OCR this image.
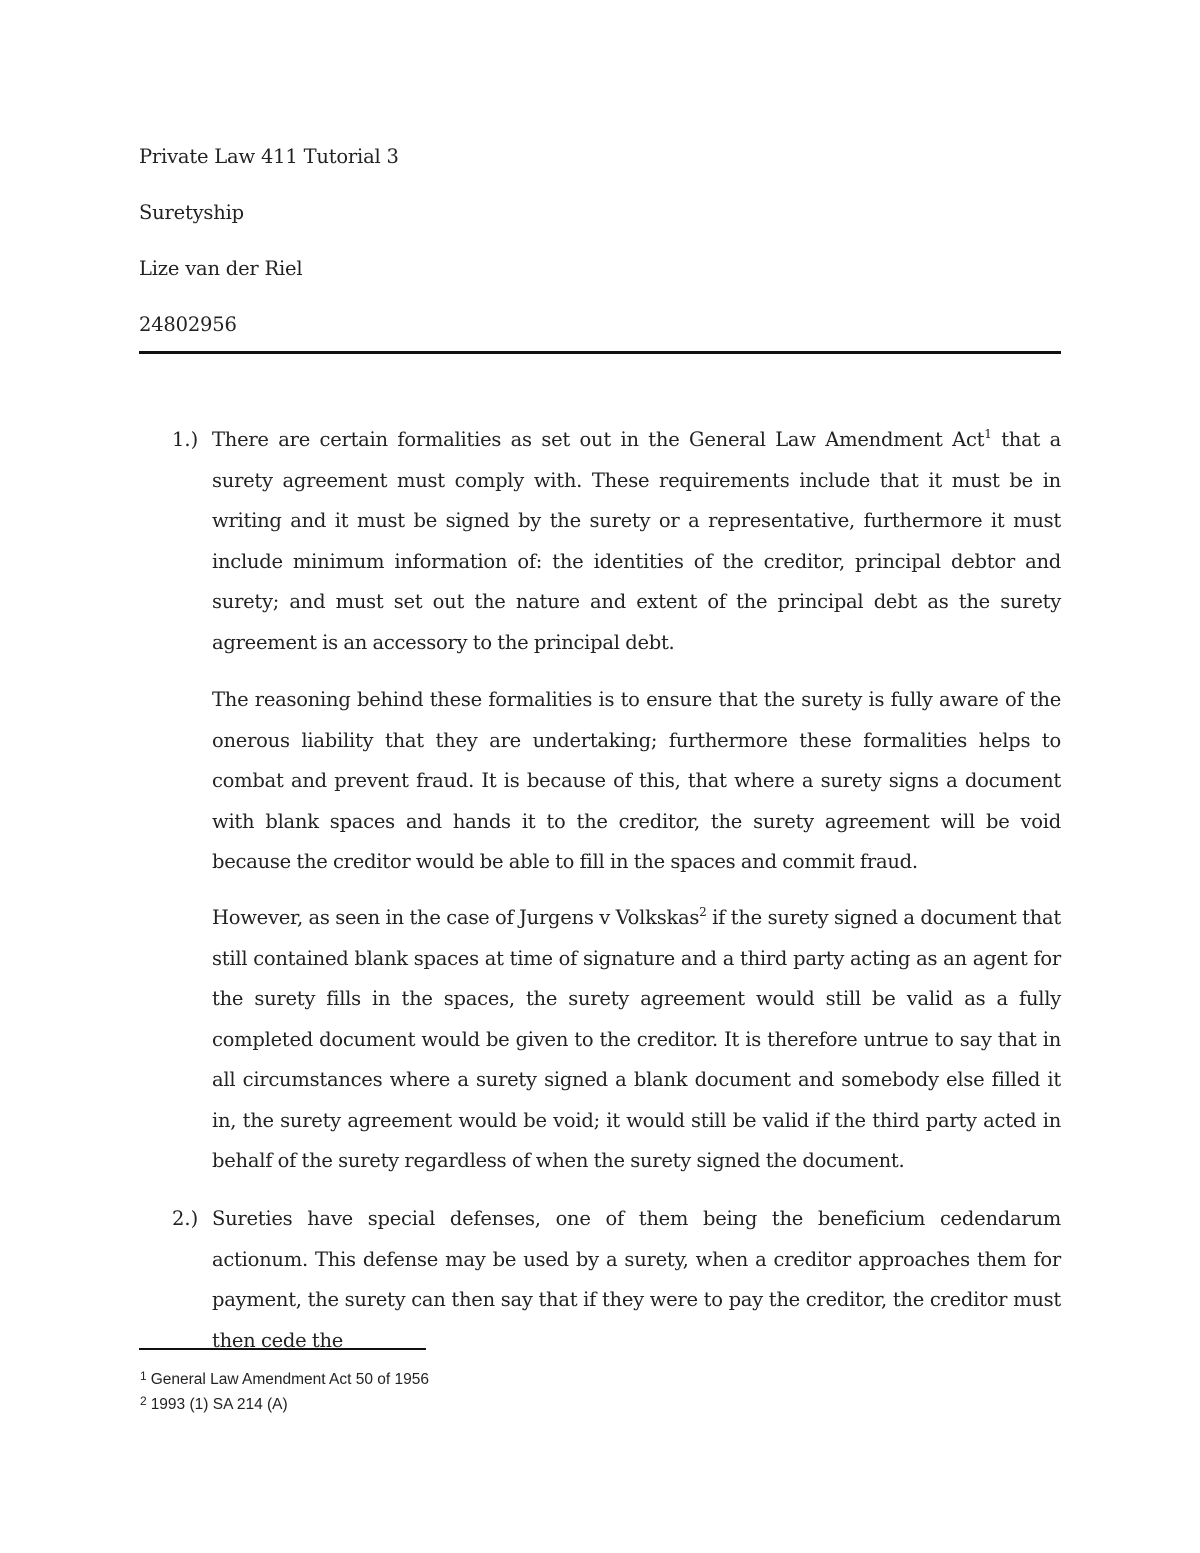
Private Law 411 Tutorial 3
Suretyship
Lize van der Riel
24802956
1.) There are certain formalities as set out in the General Law Amendment Act$^1$ that a surety agreement must comply with. These requirements include that it must be in writing and it must be signed by the surety or a representative, furthermore it must include minimum information of: the identities of the creditor, principal debtor and surety; and must set out the nature and extent of the principal debt as the surety agreement is an accessory to the principal debt.
The reasoning behind these formalities is to ensure that the surety is fully aware of the onerous liability that they are undertaking; furthermore these formalities helps to combat and prevent fraud. It is because of this, that where a surety signs a document with blank spaces and hands it to the creditor, the surety agreement will be void because the creditor would be able to fill in the spaces and commit fraud.
However, as seen in the case of Jurgens v Volkskas$^2$ if the surety signed a document that still contained blank spaces at time of signature and a third party acting as an agent for the surety fills in the spaces, the surety agreement would still be valid as a fully completed document would be given to the creditor. It is therefore untrue to say that in all circumstances where a surety signed a blank document and somebody else filled it in, the surety agreement would be void; it would still be valid if the third party acted in behalf of the surety regardless of when the surety signed the document.
2.) Sureties have special defenses, one of them being the beneficium cedendarum actionum. This defense may be used by a surety, when a creditor approaches them for payment, the surety can then say that if they were to pay the creditor, the creditor must then cede the
$^1$ General Law Amendment Act 50 of 1956
$^2$ 1993 (1) SA 214 (A)
